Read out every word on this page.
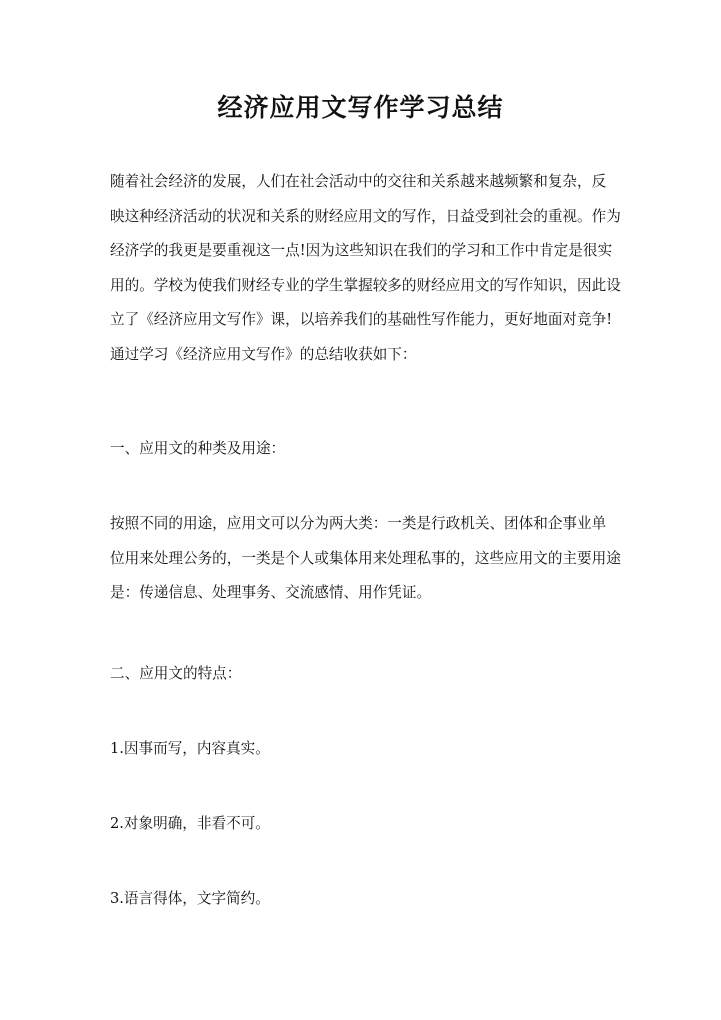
经济应用文写作学习总结
随着社会经济的发展，人们在社会活动中的交往和关系越来越频繁和复杂，反
映这种经济活动的状况和关系的财经应用文的写作，日益受到社会的重视。作为
经济学的我更是要重视这一点!因为这些知识在我们的学习和工作中肯定是很实
用的。学校为使我们财经专业的学生掌握较多的财经应用文的写作知识，因此设
立了《经济应用文写作》课，以培养我们的基础性写作能力，更好地面对竞争!
通过学习《经济应用文写作》的总结收获如下：
一、应用文的种类及用途：
按照不同的用途，应用文可以分为两大类：一类是行政机关、团体和企事业单
位用来处理公务的，一类是个人或集体用来处理私事的，这些应用文的主要用途
是：传递信息、处理事务、交流感情、用作凭证。
二、应用文的特点：
1.因事而写，内容真实。
2.对象明确，非看不可。
3.语言得体，文字简约。
